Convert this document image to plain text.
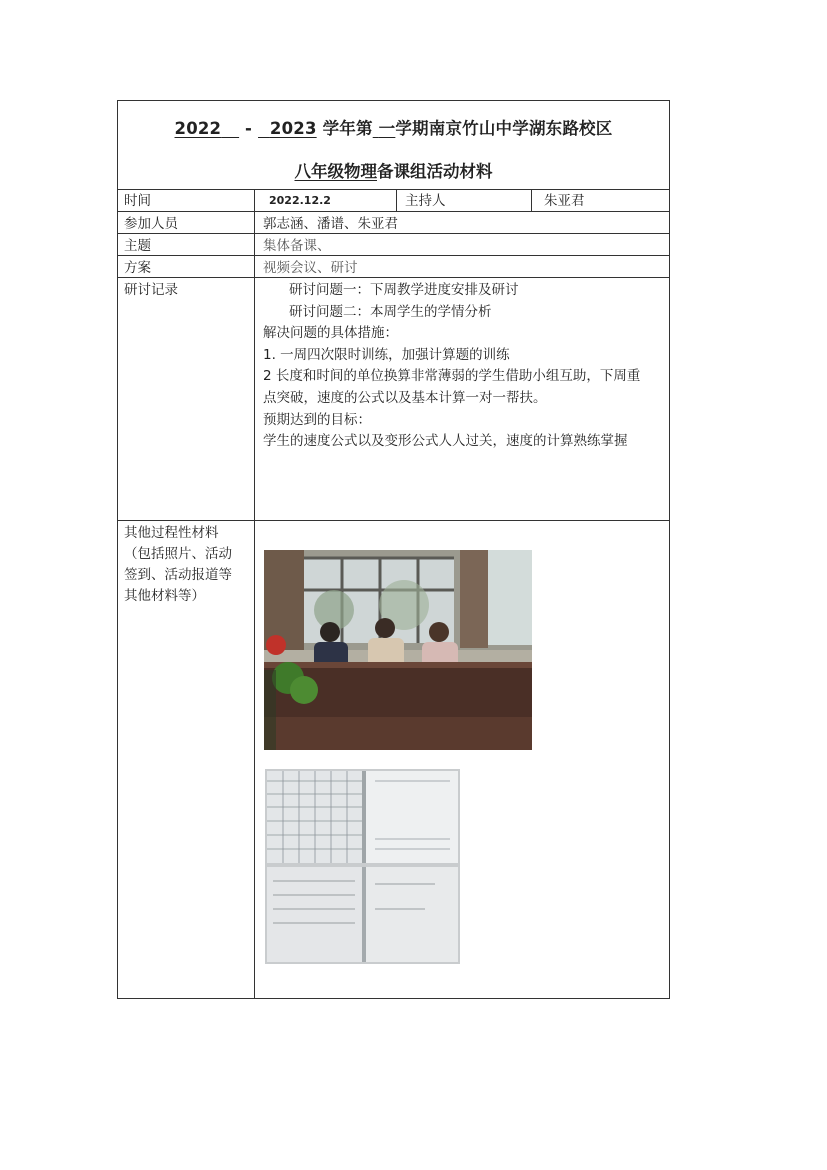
2022    -   2023 学年第 一学期南京竹山中学湖东路校区
八年级物理备课组活动材料
时间	2022.12.2	主持人	朱亚君
参加人员	郭志涵、潘谱、朱亚君
主题	集体备课、
方案	视频会议、研讨
研讨记录	研讨问题一：下周教学进度安排及研讨

研讨问题二：本周学生的学情分析

解决问题的具体措施：

1. 一周四次限时训练，加强计算题的训练

2 长度和时间的单位换算非常薄弱的学生借助小组互助，下周重

点突破，速度的公式以及基本计算一对一帮扶。

预期达到的目标：

学生的速度公式以及变形公式人人过关，速度的计算熟练掌握

其他过程性材料

（包括照片、活动

签到、活动报道等

其他材料等）
